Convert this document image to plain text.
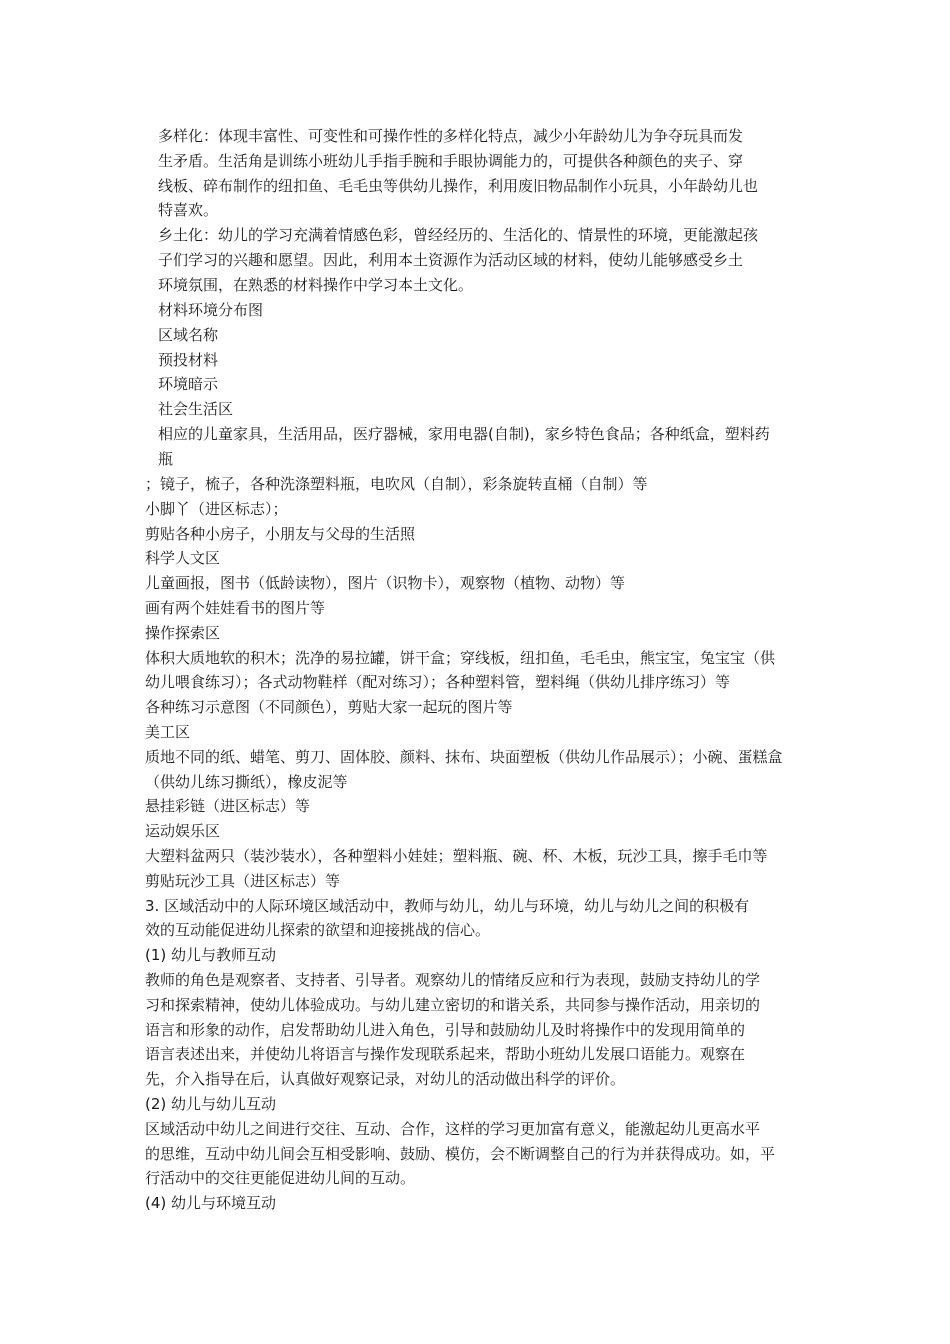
多样化：体现丰富性、可变性和可操作性的多样化特点，减少小年龄幼儿为争夺玩具而发
生矛盾。生活角是训练小班幼儿手指手腕和手眼协调能力的，可提供各种颜色的夹子、穿
线板、碎布制作的纽扣鱼、毛毛虫等供幼儿操作，利用废旧物品制作小玩具，小年龄幼儿也
特喜欢。
乡土化：幼儿的学习充满着情感色彩，曾经经历的、生活化的、情景性的环境，更能激起孩
子们学习的兴趣和愿望。因此，利用本土资源作为活动区域的材料，使幼儿能够感受乡土
环境氛围，在熟悉的材料操作中学习本土文化。
材料环境分布图
区域名称
预投材料
环境暗示
社会生活区
相应的儿童家具，生活用品，医疗器械，家用电器(自制)，家乡特色食品；各种纸盒，塑料药
瓶
；镜子，梳子，各种洗涤塑料瓶，电吹风（自制），彩条旋转直桶（自制）等
小脚丫（进区标志）；
剪贴各种小房子，小朋友与父母的生活照
科学人文区
儿童画报，图书（低龄读物），图片（识物卡），观察物（植物、动物）等
画有两个娃娃看书的图片等
操作探索区
体积大质地软的积木；洗净的易拉罐，饼干盒；穿线板，纽扣鱼，毛毛虫，熊宝宝，兔宝宝（供
幼儿喂食练习）；各式动物鞋样（配对练习）；各种塑料管，塑料绳（供幼儿排序练习）等
各种练习示意图（不同颜色），剪贴大家一起玩的图片等
美工区
质地不同的纸、蜡笔、剪刀、固体胶、颜料、抹布、块面塑板（供幼儿作品展示）；小碗、蛋糕盒
（供幼儿练习撕纸），橡皮泥等
悬挂彩链（进区标志）等
运动娱乐区
大塑料盆两只（装沙装水），各种塑料小娃娃；塑料瓶、碗、杯、木板，玩沙工具，擦手毛巾等
剪贴玩沙工具（进区标志）等
3. 区域活动中的人际环境区域活动中，教师与幼儿，幼儿与环境，幼儿与幼儿之间的积极有
效的互动能促进幼儿探索的欲望和迎接挑战的信心。
(1) 幼儿与教师互动
教师的角色是观察者、支持者、引导者。观察幼儿的情绪反应和行为表现，鼓励支持幼儿的学
习和探索精神，使幼儿体验成功。与幼儿建立密切的和谐关系，共同参与操作活动，用亲切的
语言和形象的动作，启发帮助幼儿进入角色，引导和鼓励幼儿及时将操作中的发现用简单的
语言表述出来，并使幼儿将语言与操作发现联系起来，帮助小班幼儿发展口语能力。观察在
先，介入指导在后，认真做好观察记录，对幼儿的活动做出科学的评价。
(2) 幼儿与幼儿互动
区域活动中幼儿之间进行交往、互动、合作，这样的学习更加富有意义，能激起幼儿更高水平
的思维，互动中幼儿间会互相受影响、鼓励、模仿，会不断调整自己的行为并获得成功。如，平
行活动中的交往更能促进幼儿间的互动。
(4) 幼儿与环境互动
